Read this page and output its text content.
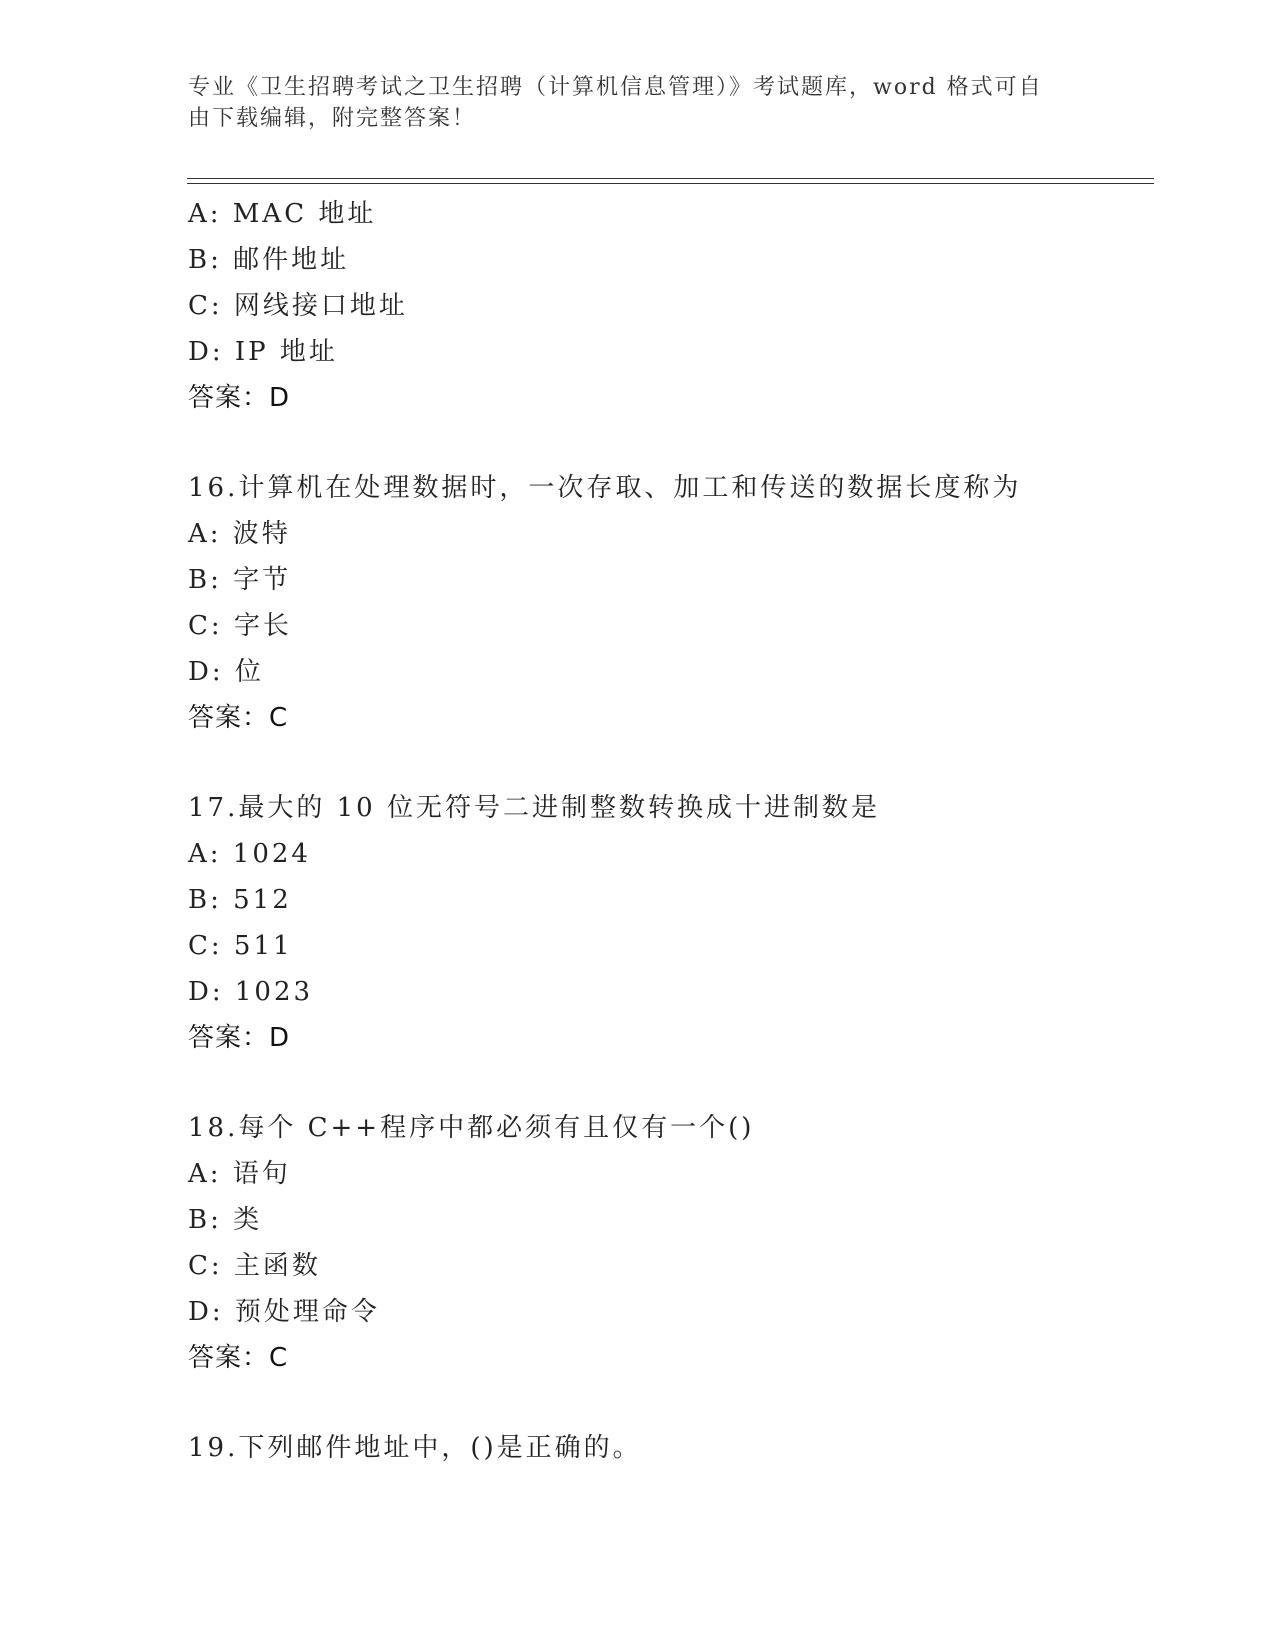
专业《卫生招聘考试之卫生招聘（计算机信息管理）》考试题库，word 格式可自
由下载编辑，附完整答案！
A: MAC 地址
B: 邮件地址
C: 网线接口地址
D: IP 地址
答案：D
16.计算机在处理数据时，一次存取、加工和传送的数据长度称为
A: 波特
B: 字节
C: 字长
D: 位
答案：C
17.最大的 10 位无符号二进制整数转换成十进制数是
A: 1024
B: 512
C: 511
D: 1023
答案：D
18.每个 C++程序中都必须有且仅有一个()
A: 语句
B: 类
C: 主函数
D: 预处理命令
答案：C
19.下列邮件地址中，()是正确的。
